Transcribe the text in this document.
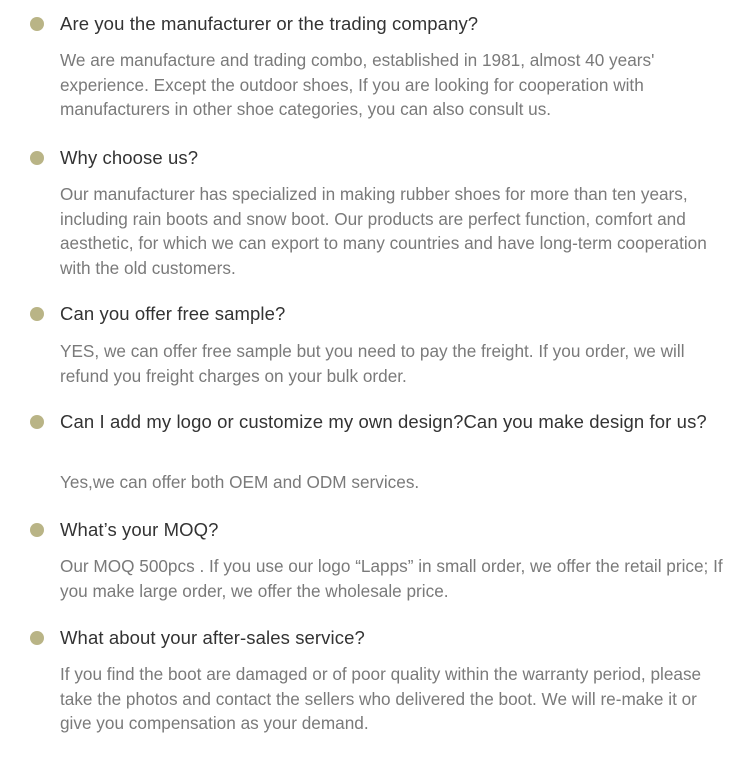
Are you the manufacturer or the trading company?

We are manufacture and trading combo, established in 1981, almost 40 years' experience. Except the outdoor shoes, If you are looking for cooperation with manufacturers in other shoe categories, you can also consult us.

Why choose us?

Our manufacturer has specialized in making rubber shoes for more than ten years, including rain boots and snow boot. Our products are perfect function, comfort and aesthetic, for which we can export to many countries and have long-term cooperation with the old customers.

Can you offer free sample?

YES, we can offer free sample but you need to pay the freight. If you order, we will refund you freight charges on your bulk order.

Can I add my logo or customize my own design?Can you make design for us?

Yes,we can offer both OEM and ODM services.

What’s your MOQ?

Our MOQ 500pcs . If you use our logo “Lapps” in small order, we offer the retail price; If you make large order, we offer the wholesale price.

What about your after-sales service?

If you find the boot are damaged or of poor quality within the warranty period, please take the photos and contact the sellers who delivered the boot. We will re-make it or give you compensation as your demand.
